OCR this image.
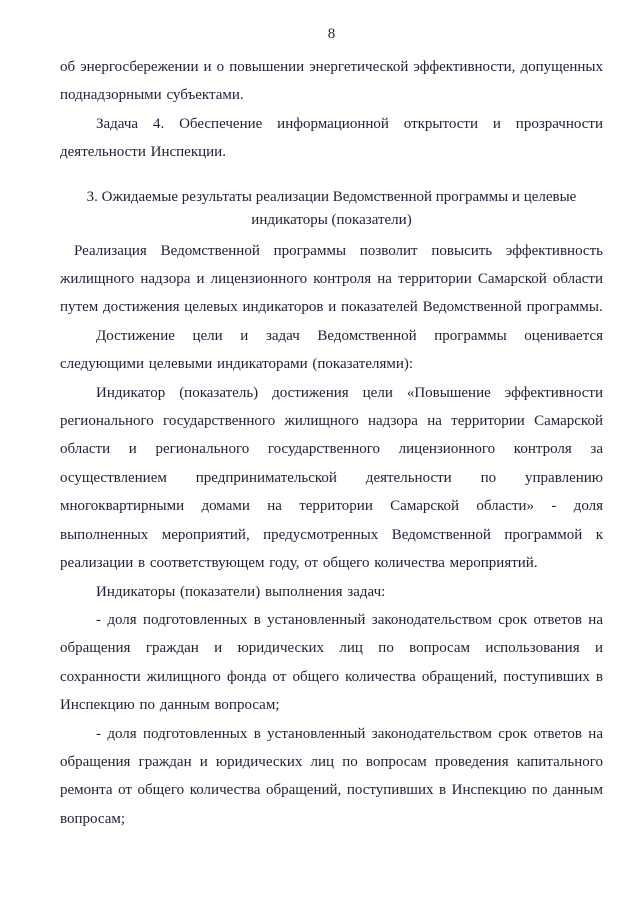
8

об энергосбережении и о повышении энергетической эффективности, допущенных поднадзорными субъектами.

Задача 4. Обеспечение информационной открытости и прозрачности деятельности Инспекции.

3. Ожидаемые результаты реализации Ведомственной программы и целевые индикаторы (показатели)

Реализация Ведомственной программы позволит повысить эффективность жилищного надзора и лицензионного контроля на территории Самарской области путем достижения целевых индикаторов и показателей Ведомственной программы.

Достижение цели и задач Ведомственной программы оценивается следующими целевыми индикаторами (показателями):

Индикатор (показатель) достижения цели «Повышение эффективности регионального государственного жилищного надзора на территории Самарской области и регионального государственного лицензионного контроля за осуществлением предпринимательской деятельности по управлению многоквартирными домами на территории Самарской области» - доля выполненных мероприятий, предусмотренных Ведомственной программой к реализации в соответствующем году, от общего количества мероприятий.

Индикаторы (показатели) выполнения задач:

- доля подготовленных в установленный законодательством срок ответов на обращения граждан и юридических лиц по вопросам использования и сохранности жилищного фонда от общего количества обращений, поступивших в Инспекцию по данным вопросам;

- доля подготовленных в установленный законодательством срок ответов на обращения граждан и юридических лиц по вопросам проведения капитального ремонта от общего количества обращений, поступивших в Инспекцию по данным вопросам;
